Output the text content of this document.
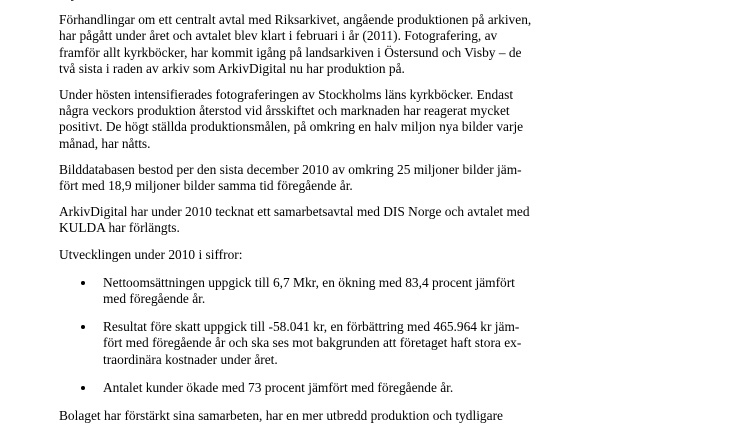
Förhandlingar om ett centralt avtal med Riksarkivet, angående produktionen på arkiven,
har pågått under året och avtalet blev klart i februari i år (2011). Fotografering, av
framför allt kyrkböcker, har kommit igång på landsarkiven i Östersund och Visby – de
två sista i raden av arkiv som ArkivDigital nu har produktion på.
Under hösten intensifierades fotograferingen av Stockholms läns kyrkböcker. Endast
några veckors produktion återstod vid årsskiftet och marknaden har reagerat mycket
positivt. De högt ställda produktionsmålen, på omkring en halv miljon nya bilder varje
månad, har nåtts.
Bilddatabasen bestod per den sista december 2010 av omkring 25 miljoner bilder jäm-
fört med 18,9 miljoner bilder samma tid föregående år.
ArkivDigital har under 2010 tecknat ett samarbetsavtal med DIS Norge och avtalet med
KULDA har förlängts.
Utvecklingen under 2010 i siffror:
Nettoomsättningen uppgick till 6,7 Mkr, en ökning med 83,4 procent jämfört
med föregående år.
Resultat före skatt uppgick till -58.041 kr, en förbättring med 465.964 kr jäm-
fört med föregående år och ska ses mot bakgrunden att företaget haft stora ex-
traordinära kostnader under året.
Antalet kunder ökade med 73 procent jämfört med föregående år.
Bolaget har förstärkt sina samarbeten, har en mer utbredd produktion och tydligare
